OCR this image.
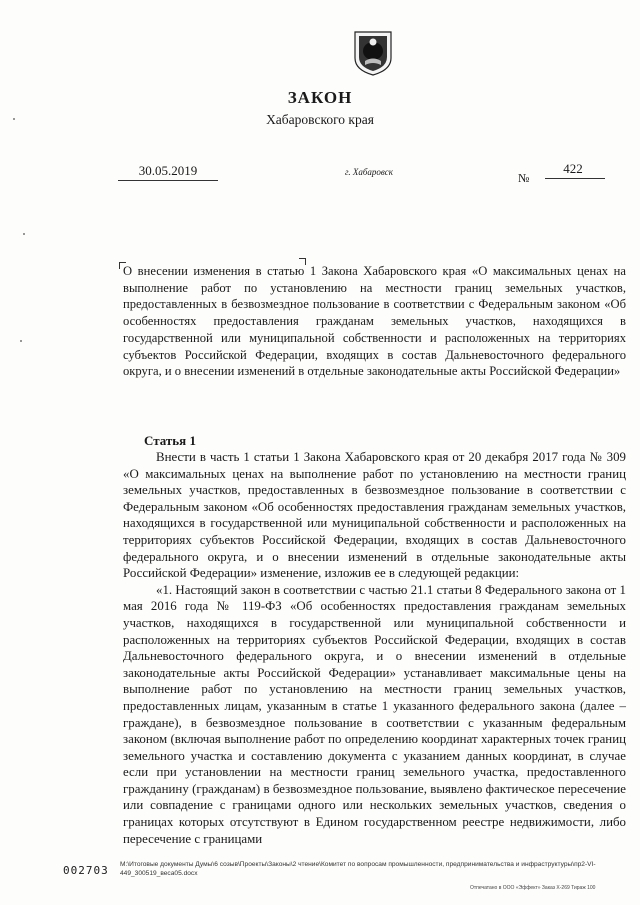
ЗАКОН
Хабаровского края
30.05.2019	г. Хабаровск	№
422
О внесении изменения в статью 1 Закона Хабаровского края «О максимальных ценах на выполнение работ по установлению на местности границ земельных участков, предоставленных в безвозмездное пользование в соответствии с Федеральным законом «Об особенностях предоставления гражданам земельных участков, находящихся в государственной или муниципальной собственности и расположенных на территориях субъектов Российской Федерации, входящих в состав Дальневосточного федерального округа, и о внесении изменений в отдельные законодательные акты Российской Федерации»
Статья 1

Внести в часть 1 статьи 1 Закона Хабаровского края от 20 декабря 2017 года № 309 «О максимальных ценах на выполнение работ по установлению на местности границ земельных участков, предоставленных в безвозмездное пользование в соответствии с Федеральным законом «Об особенностях предоставления гражданам земельных участков, находящихся в государственной или муниципальной собственности и расположенных на территориях субъектов Российской Федерации, входящих в состав Дальневосточного федерального округа, и о внесении изменений в отдельные законодательные акты Российской Федерации» изменение, изложив ее в следующей редакции:

«1. Настоящий закон в соответствии с частью 21.1 статьи 8 Федерального закона от 1 мая 2016 года № 119-ФЗ «Об особенностях предоставления гражданам земельных участков, находящихся в государственной или муниципальной собственности и расположенных на территориях субъектов Российской Федерации, входящих в состав Дальневосточного федерального округа, и о внесении изменений в отдельные законодательные акты Российской Федерации» устанавливает максимальные цены на выполнение работ по установлению на местности границ земельных участков, предоставленных лицам, указанным в статье 1 указанного федерального закона (далее – граждане), в безвозмездное пользование в соответствии с указанным федеральным законом (включая выполнение работ по определению координат характерных точек границ земельного участка и составлению документа с указанием данных координат, в случае если при установлении на местности границ земельного участка, предоставленного гражданину (гражданам) в безвозмездное пользование, выявлено фактическое пересечение или совпадение с границами одного или нескольких земельных участков, сведения о границах которых отсутствуют в Едином государственном реестре недвижимости, либо пересечение с границами

002703 М:\Итоговые документы Думы\6 созыв\Проекты\Законы\2 чтение\Комитет по вопросам промышленности, предпринимательства и инфраструктуры\пр2-VI-449_300519_веса05.docx
Отпечатано в ООО «Эффект» Заказ Х-269 Тираж 100
